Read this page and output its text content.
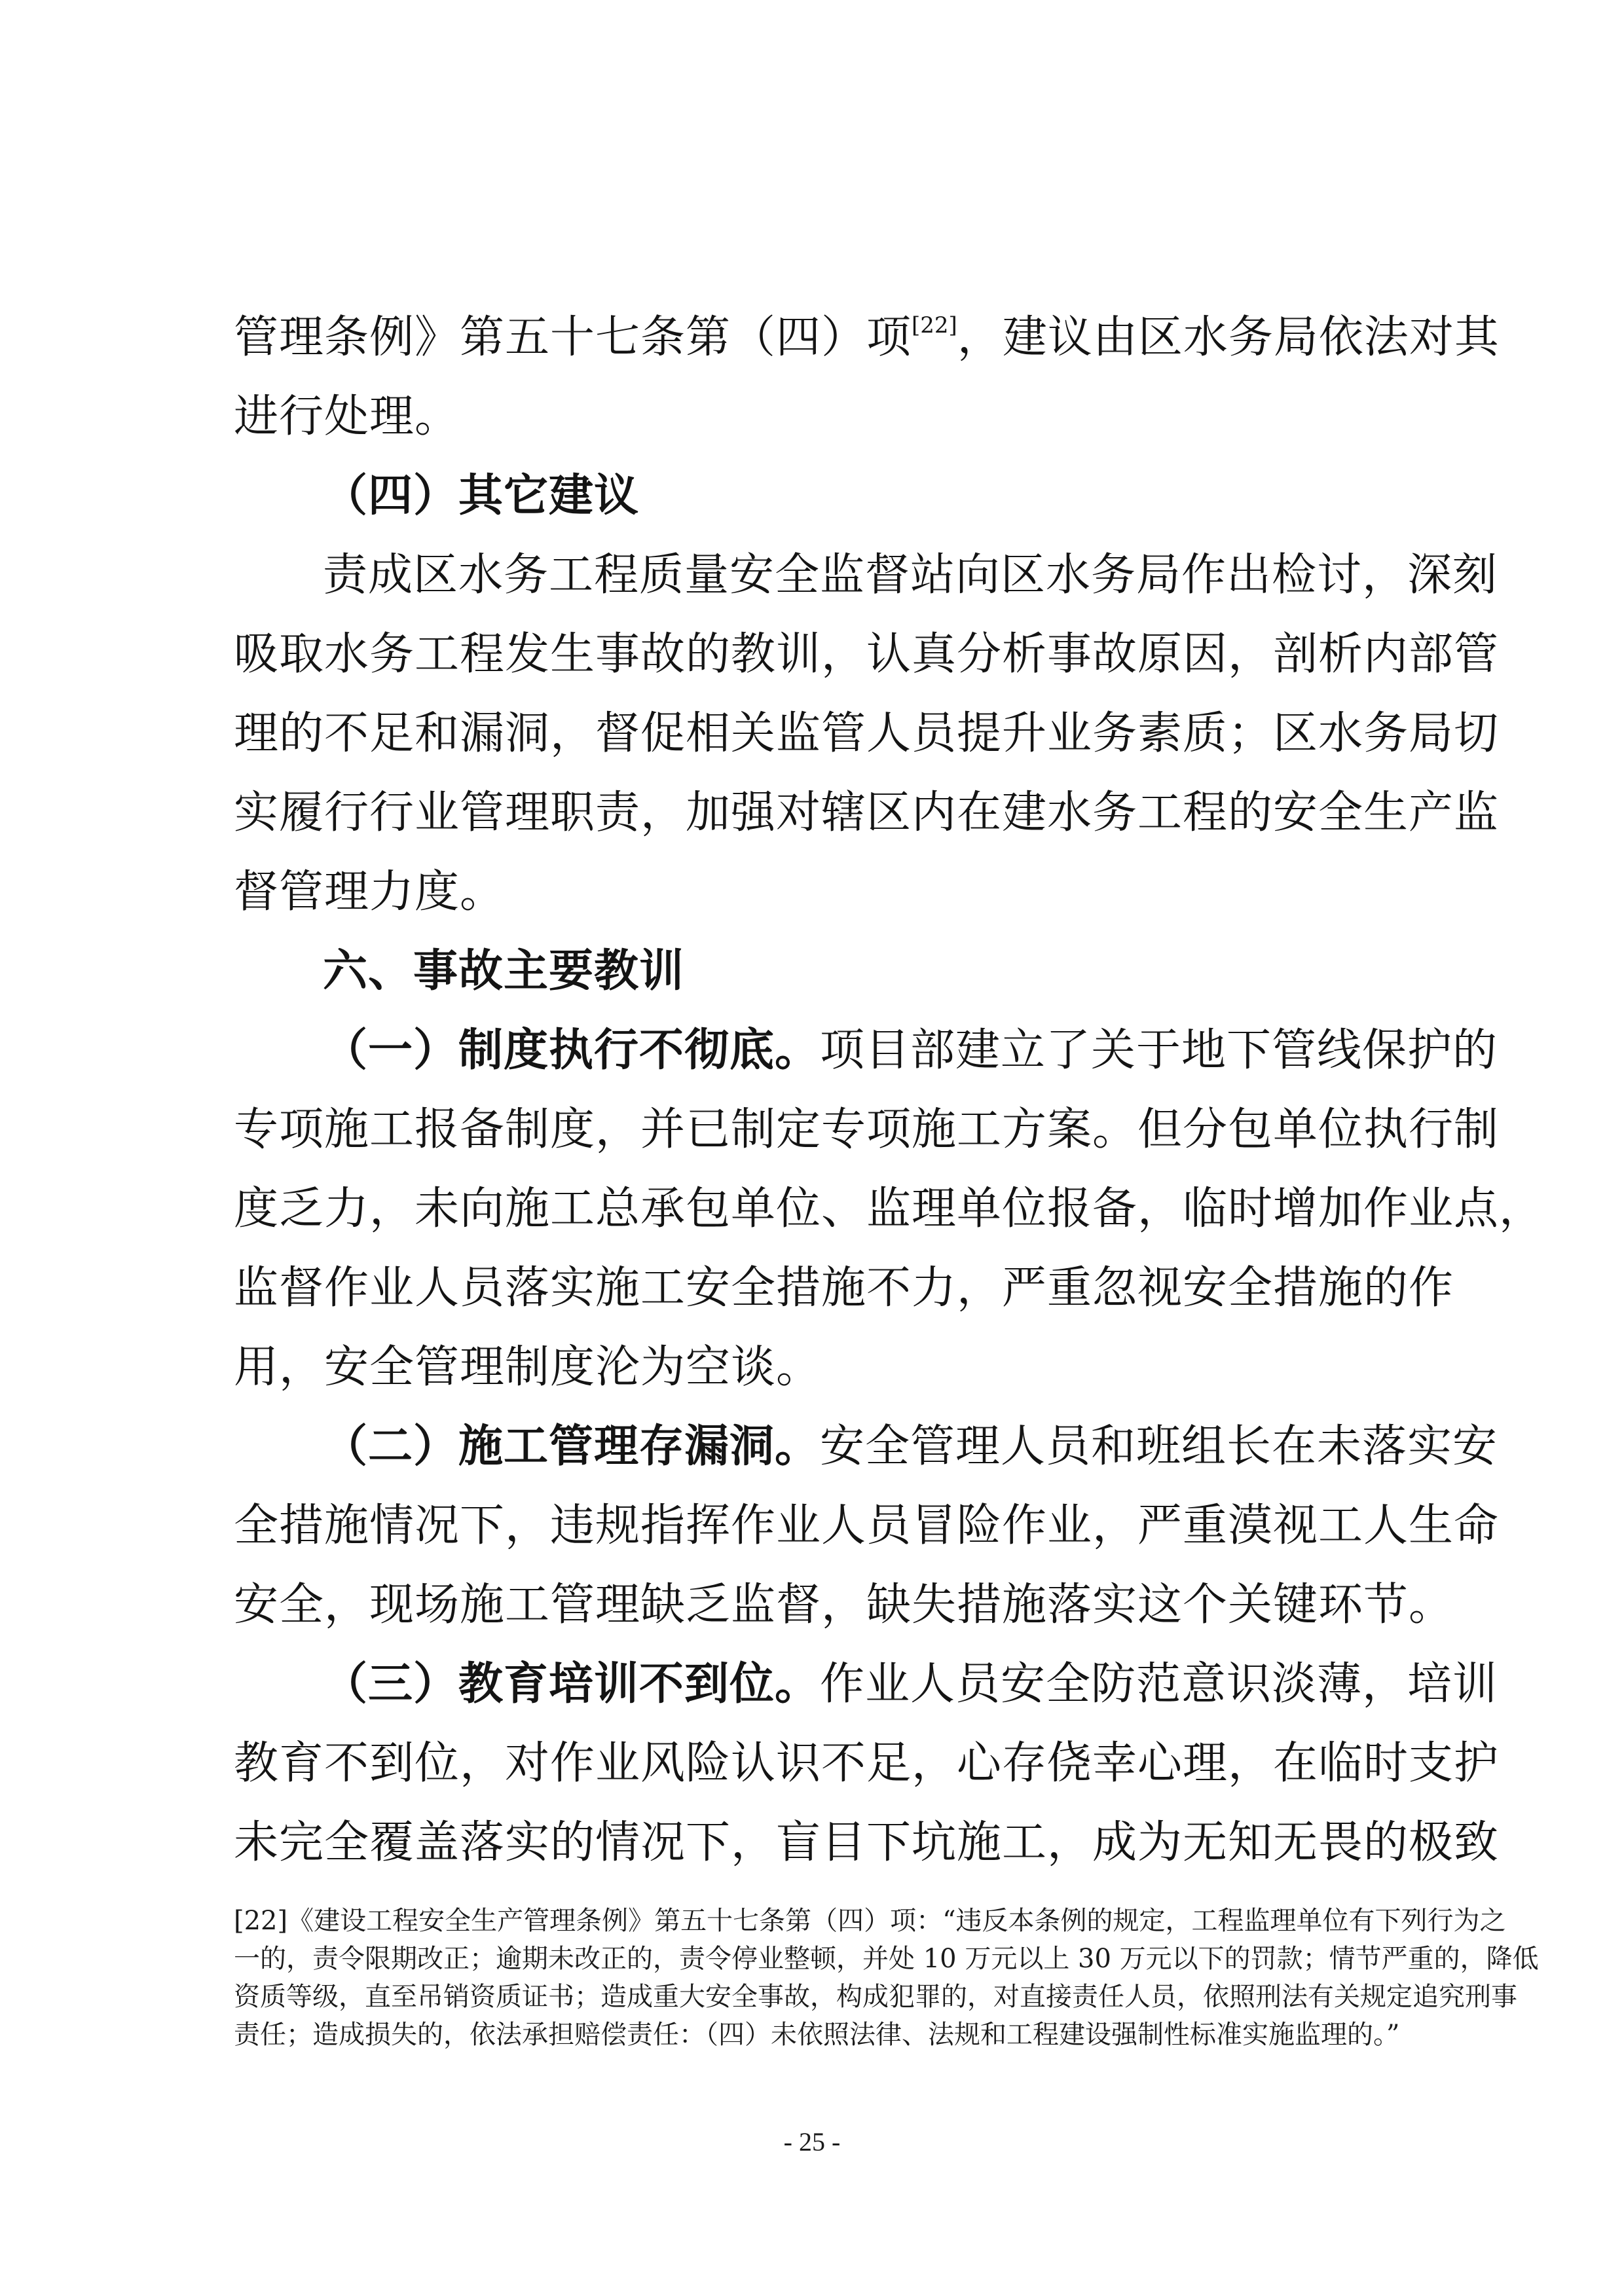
管理条例》第五十七条第（四）项[22]，建议由区水务局依法对其
进行处理。
（四）其它建议
责成区水务工程质量安全监督站向区水务局作出检讨，深刻
吸取水务工程发生事故的教训，认真分析事故原因，剖析内部管
理的不足和漏洞，督促相关监管人员提升业务素质；区水务局切
实履行行业管理职责，加强对辖区内在建水务工程的安全生产监
督管理力度。
六、事故主要教训
（一）制度执行不彻底。项目部建立了关于地下管线保护的
专项施工报备制度，并已制定专项施工方案。但分包单位执行制
度乏力，未向施工总承包单位、监理单位报备，临时增加作业点，
监督作业人员落实施工安全措施不力，严重忽视安全措施的作
用，安全管理制度沦为空谈。
（二）施工管理存漏洞。安全管理人员和班组长在未落实安
全措施情况下，违规指挥作业人员冒险作业，严重漠视工人生命
安全，现场施工管理缺乏监督，缺失措施落实这个关键环节。
（三）教育培训不到位。作业人员安全防范意识淡薄，培训
教育不到位，对作业风险认识不足，心存侥幸心理，在临时支护
未完全覆盖落实的情况下，盲目下坑施工，成为无知无畏的极致
[22]《建设工程安全生产管理条例》第五十七条第（四）项：“违反本条例的规定，工程监理单位有下列行为之
一的，责令限期改正；逾期未改正的，责令停业整顿，并处 10 万元以上 30 万元以下的罚款；情节严重的，降低
资质等级，直至吊销资质证书；造成重大安全事故，构成犯罪的，对直接责任人员，依照刑法有关规定追究刑事
责任；造成损失的，依法承担赔偿责任：（四）未依照法律、法规和工程建设强制性标准实施监理的。”
- 25 -
